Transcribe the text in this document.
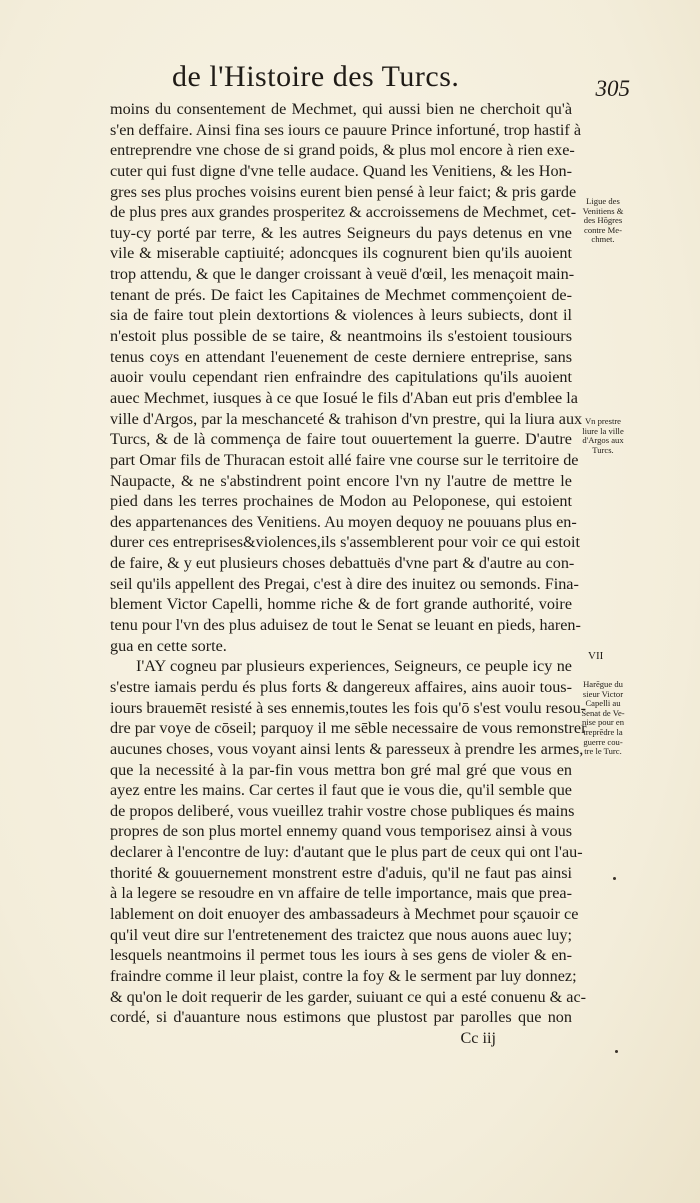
de l'Histoire des Turcs.	305
moins du consentement de Mechmet, qui aussi bien ne cherchoit qu'à
s'en deffaire. Ainsi fina ses iours ce pauure Prince infortuné, trop hastif à
entreprendre vne chose de si grand poids, & plus mol encore à rien exe-
cuter qui fust digne d'vne telle audace. Quand les Venitiens, & les Hon-
gres ses plus proches voisins eurent bien pensé à leur faict; & pris garde
de plus pres aux grandes prosperitez & accroissemens de Mechmet, cet-
tuy-cy porté par terre, & les autres Seigneurs du pays detenus en vne
vile & miserable captiuité; adoncques ils cognurent bien qu'ils auoient
trop attendu, & que le danger croissant à veuë d'œil, les menaçoit main-
tenant de prés. De faict les Capitaines de Mechmet commençoient de-
sia de faire tout plein dextortions & violences à leurs subiects, dont il
n'estoit plus possible de se taire, & neantmoins ils s'estoient tousiours
tenus coys en attendant l'euenement de ceste derniere entreprise, sans
auoir voulu cependant rien enfraindre des capitulations qu'ils auoient
auec Mechmet, iusques à ce que Iosué le fils d'Aban eut pris d'emblee la
ville d'Argos, par la meschanceté & trahison d'vn prestre, qui la liura aux
Turcs, & de là commença de faire tout ouuertement la guerre. D'autre
part Omar fils de Thuracan estoit allé faire vne course sur le territoire de
Naupacte, & ne s'abstindrent point encore l'vn ny l'autre de mettre le
pied dans les terres prochaines de Modon au Peloponese, qui estoient
des appartenances des Venitiens. Au moyen dequoy ne pouuans plus en-
durer ces entreprises&violences,ils s'assemblerent pour voir ce qui estoit
de faire, & y eut plusieurs choses debattuës d'vne part & d'autre au con-
seil qu'ils appellent des Pregai, c'est à dire des inuitez ou semonds. Fina-
blement Victor Capelli, homme riche & de fort grande authorité, voire
tenu pour l'vn des plus aduisez de tout le Senat se leuant en pieds, haren-
gua en cette sorte.
I'AY cogneu par plusieurs experiences, Seigneurs, ce peuple icy ne
s'estre iamais perdu és plus forts & dangereux affaires, ains auoir tous-
iours brauemēt resisté à ses ennemis,toutes les fois qu'ō s'est voulu resou-
dre par voye de cōseil; parquoy il me sēble necessaire de vous remonstrer
aucunes choses, vous voyant ainsi lents & paresseux à prendre les armes,
que la necessité à la par-fin vous mettra bon gré mal gré que vous en
ayez entre les mains. Car certes il faut que ie vous die, qu'il semble que
de propos deliberé, vous vueillez trahir vostre chose publiques és mains
propres de son plus mortel ennemy quand vous temporisez ainsi à vous
declarer à l'encontre de luy: d'autant que le plus part de ceux qui ont l'au-
thorité & gouuernement monstrent estre d'aduis, qu'il ne faut pas ainsi
à la legere se resoudre en vn affaire de telle importance, mais que prea-
lablement on doit enuoyer des ambassadeurs à Mechmet pour sçauoir ce
qu'il veut dire sur l'entretenement des traictez que nous auons auec luy;
lesquels neantmoins il permet tous les iours à ses gens de violer & en-
fraindre comme il leur plaist, contre la foy & le serment par luy donnez;
& qu'on le doit requerir de les garder, suiuant ce qui a esté conuenu & ac-
cordé, si d'auanture nous estimons que plustost par parolles que non
Cc iij
VII
Ligue des
Venitiens &
des Hōgres
contre Me-
chmet.
Vn prestre
liure la ville
d'Argos aux
Turcs.
Harēgue du
sieur Victor
Capelli au
Senat de Ve-
nise pour en
treprēdre la
guerre cou-
tre le Turc.
